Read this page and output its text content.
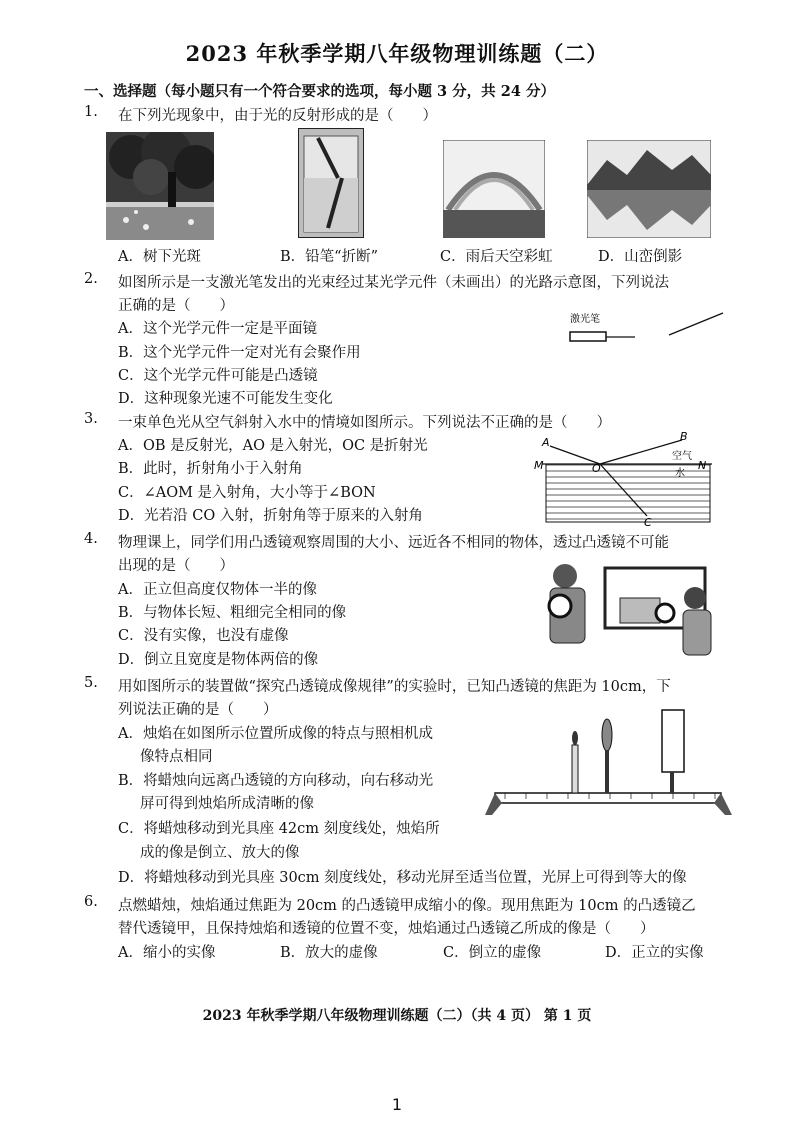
2023 年秋季学期八年级物理训练题（二）
一、选择题（每小题只有一个符合要求的选项，每小题 3 分，共 24 分）
1. 在下列光现象中，由于光的反射形成的是（　　）
A．树下光斑	B．铅笔“折断”	C．雨后天空彩虹	D．山峦倒影
2. 如图所示是一支激光笔发出的光束经过某光学元件（未画出）的光路示意图，下列说法
正确的是（　　）
A．这个光学元件一定是平面镜
B．这个光学元件一定对光有会聚作用
C．这个光学元件可能是凸透镜
D．这种现象光速不可能发生变化
激光笔
3. 一束单色光从空气斜射入水中的情境如图所示。下列说法不正确的是（　　）
A．OB 是反射光，AO 是入射光，OC 是折射光
B．此时，折射角小于入射角
C．∠AOM 是入射角，大小等于∠BON
D．光若沿 CO 入射，折射角等于原来的入射角
A	B
C
M	N
O
空气
水
4. 物理课上，同学们用凸透镜观察周围的大小、远近各不相同的物体，透过凸透镜不可能
出现的是（　　）
A．正立但高度仅物体一半的像
B．与物体长短、粗细完全相同的像
C．没有实像，也没有虚像
D．倒立且宽度是物体两倍的像
5. 用如图所示的装置做“探究凸透镜成像规律”的实验时，已知凸透镜的焦距为 10cm，下
列说法正确的是（　　）
A．烛焰在如图所示位置所成像的特点与照相机成
像特点相同
B．将蜡烛向远离凸透镜的方向移动，向右移动光
屏可得到烛焰所成清晰的像
C．将蜡烛移动到光具座 42cm 刻度线处，烛焰所
成的像是倒立、放大的像
D．将蜡烛移动到光具座 30cm 刻度线处，移动光屏至适当位置，光屏上可得到等大的像
6. 点燃蜡烛，烛焰通过焦距为 20cm 的凸透镜甲成缩小的像。现用焦距为 10cm 的凸透镜乙
替代透镜甲，且保持烛焰和透镜的位置不变，烛焰通过凸透镜乙所成的像是（　　）
A．缩小的实像	B．放大的虚像	C．倒立的虚像	D．正立的实像
2023 年秋季学期八年级物理训练题（二）（共 4 页） 第 1 页
1
